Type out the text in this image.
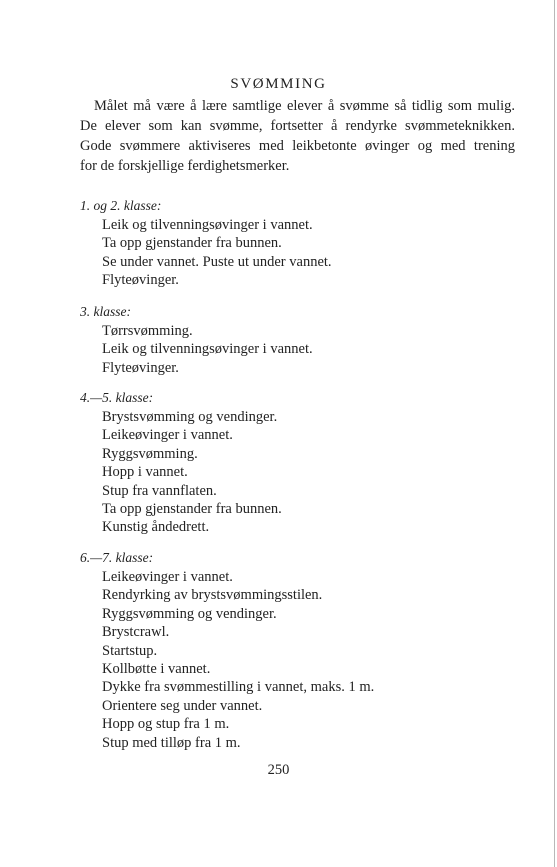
SVØMMING

Målet må være å lære samtlige elever å svømme så tidlig som mulig.
De elever som kan svømme, fortsetter å rendyrke svømmeteknikken.
Gode svømmere aktiviseres med leikbetonte øvinger og med trening
for de forskjellige ferdighetsmerker.

1. og 2. klasse:
Leik og tilvenningsøvinger i vannet.
Ta opp gjenstander fra bunnen.
Se under vannet. Puste ut under vannet.
Flyteøvinger.
3. klasse:
Tørrsvømming.
Leik og tilvenningsøvinger i vannet.
Flyteøvinger.
4.—5. klasse:
Brystsvømming og vendinger.
Leikeøvinger i vannet.
Ryggsvømming.
Hopp i vannet.
Stup fra vannflaten.
Ta opp gjenstander fra bunnen.
Kunstig åndedrett.
6.—7. klasse:
Leikeøvinger i vannet.
Rendyrking av brystsvømmingsstilen.
Ryggsvømming og vendinger.
Brystcrawl.
Startstup.
Kollbøtte i vannet.
Dykke fra svømmestilling i vannet, maks. 1 m.
Orientere seg under vannet.
Hopp og stup fra 1 m.
Stup med tilløp fra 1 m.
250
